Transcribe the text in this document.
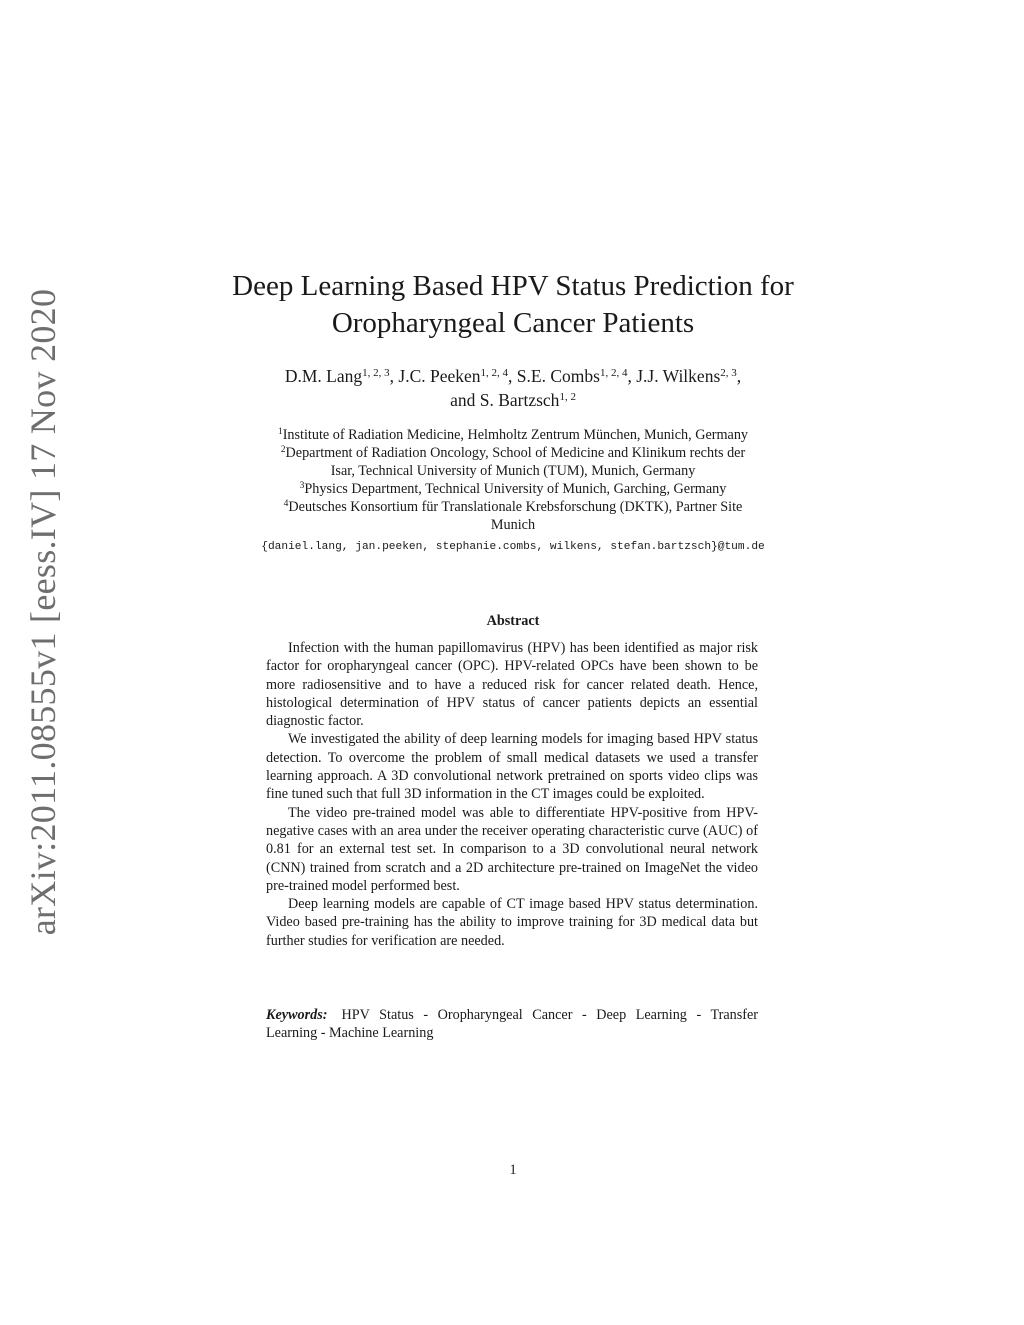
arXiv:2011.08555v1 [eess.IV] 17 Nov 2020
Deep Learning Based HPV Status Prediction for
Oropharyngeal Cancer Patients
D.M. Lang$^{1, 2, 3}$, J.C. Peeken$^{1, 2, 4}$, S.E. Combs$^{1, 2, 4}$, J.J. Wilkens$^{2, 3}$,
and S. Bartzsch$^{1, 2}$
$^1$Institute of Radiation Medicine, Helmholtz Zentrum München, Munich, Germany
$^2$Department of Radiation Oncology, School of Medicine and Klinikum rechts der
Isar, Technical University of Munich (TUM), Munich, Germany
$^3$Physics Department, Technical University of Munich, Garching, Germany
$^4$Deutsches Konsortium für Translationale Krebsforschung (DKTK), Partner Site
Munich
{daniel.lang, jan.peeken, stephanie.combs, wilkens, stefan.bartzsch}@tum.de
Abstract

Infection with the human papillomavirus (HPV) has been identified as major risk factor for oropharyngeal cancer (OPC). HPV-related OPCs have been shown to be more radiosensitive and to have a reduced risk for cancer related death. Hence, histological determination of HPV status of cancer patients depicts an essential diagnostic factor.

We investigated the ability of deep learning models for imaging based HPV status detection. To overcome the problem of small medical datasets we used a transfer learning approach. A 3D convolutional network pretrained on sports video clips was fine tuned such that full 3D information in the CT images could be exploited.

The video pre-trained model was able to differentiate HPV-positive from HPV-negative cases with an area under the receiver operating characteristic curve (AUC) of 0.81 for an external test set. In comparison to a 3D convolutional neural network (CNN) trained from scratch and a 2D architecture pre-trained on ImageNet the video pre-trained model performed best.

Deep learning models are capable of CT image based HPV status determination. Video based pre-training has the ability to improve training for 3D medical data but further studies for verification are needed.

Keywords: HPV Status - Oropharyngeal Cancer - Deep Learning - Transfer Learning - Machine Learning
1
